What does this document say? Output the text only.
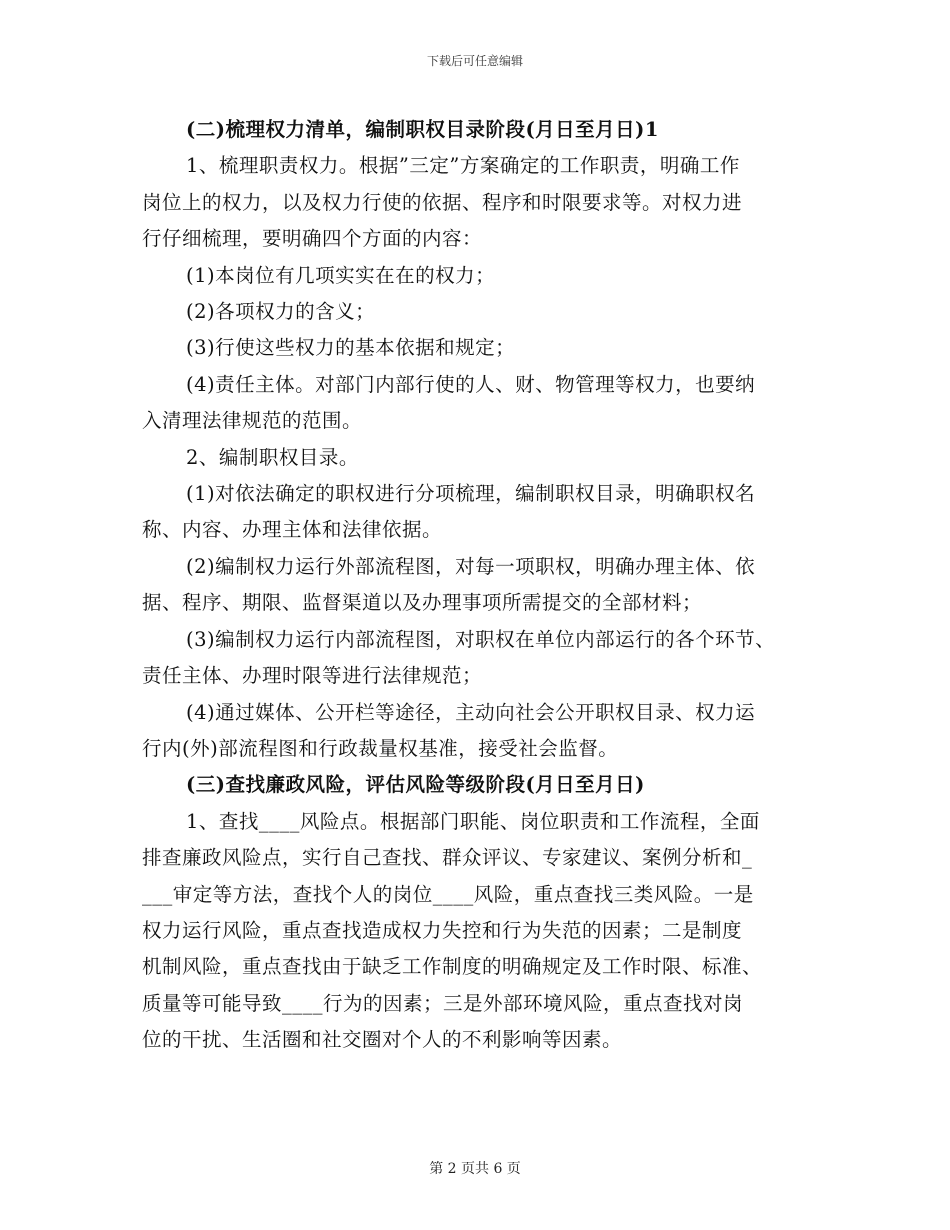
下载后可任意编辑
(二)梳理权力清单，编制职权目录阶段(月日至月日)1
1、梳理职责权力。根据”三定”方案确定的工作职责，明确工作
岗位上的权力，以及权力行使的依据、程序和时限要求等。对权力进
行仔细梳理，要明确四个方面的内容：
(1)本岗位有几项实实在在的权力；
(2)各项权力的含义；
(3)行使这些权力的基本依据和规定；
(4)责任主体。对部门内部行使的人、财、物管理等权力，也要纳
入清理法律规范的范围。
2、编制职权目录。
(1)对依法确定的职权进行分项梳理，编制职权目录，明确职权名
称、内容、办理主体和法律依据。
(2)编制权力运行外部流程图，对每一项职权，明确办理主体、依
据、程序、期限、监督渠道以及办理事项所需提交的全部材料；
(3)编制权力运行内部流程图，对职权在单位内部运行的各个环节、
责任主体、办理时限等进行法律规范；
(4)通过媒体、公开栏等途径，主动向社会公开职权目录、权力运
行内(外)部流程图和行政裁量权基准，接受社会监督。
(三)查找廉政风险，评估风险等级阶段(月日至月日)
1、查找____风险点。根据部门职能、岗位职责和工作流程，全面
排查廉政风险点，实行自己查找、群众评议、专家建议、案例分析和_
___审定等方法，查找个人的岗位____风险，重点查找三类风险。一是
权力运行风险，重点查找造成权力失控和行为失范的因素；二是制度
机制风险，重点查找由于缺乏工作制度的明确规定及工作时限、标准、
质量等可能导致____行为的因素；三是外部环境风险，重点查找对岗
位的干扰、生活圈和社交圈对个人的不利影响等因素。
第 2 页共 6 页
